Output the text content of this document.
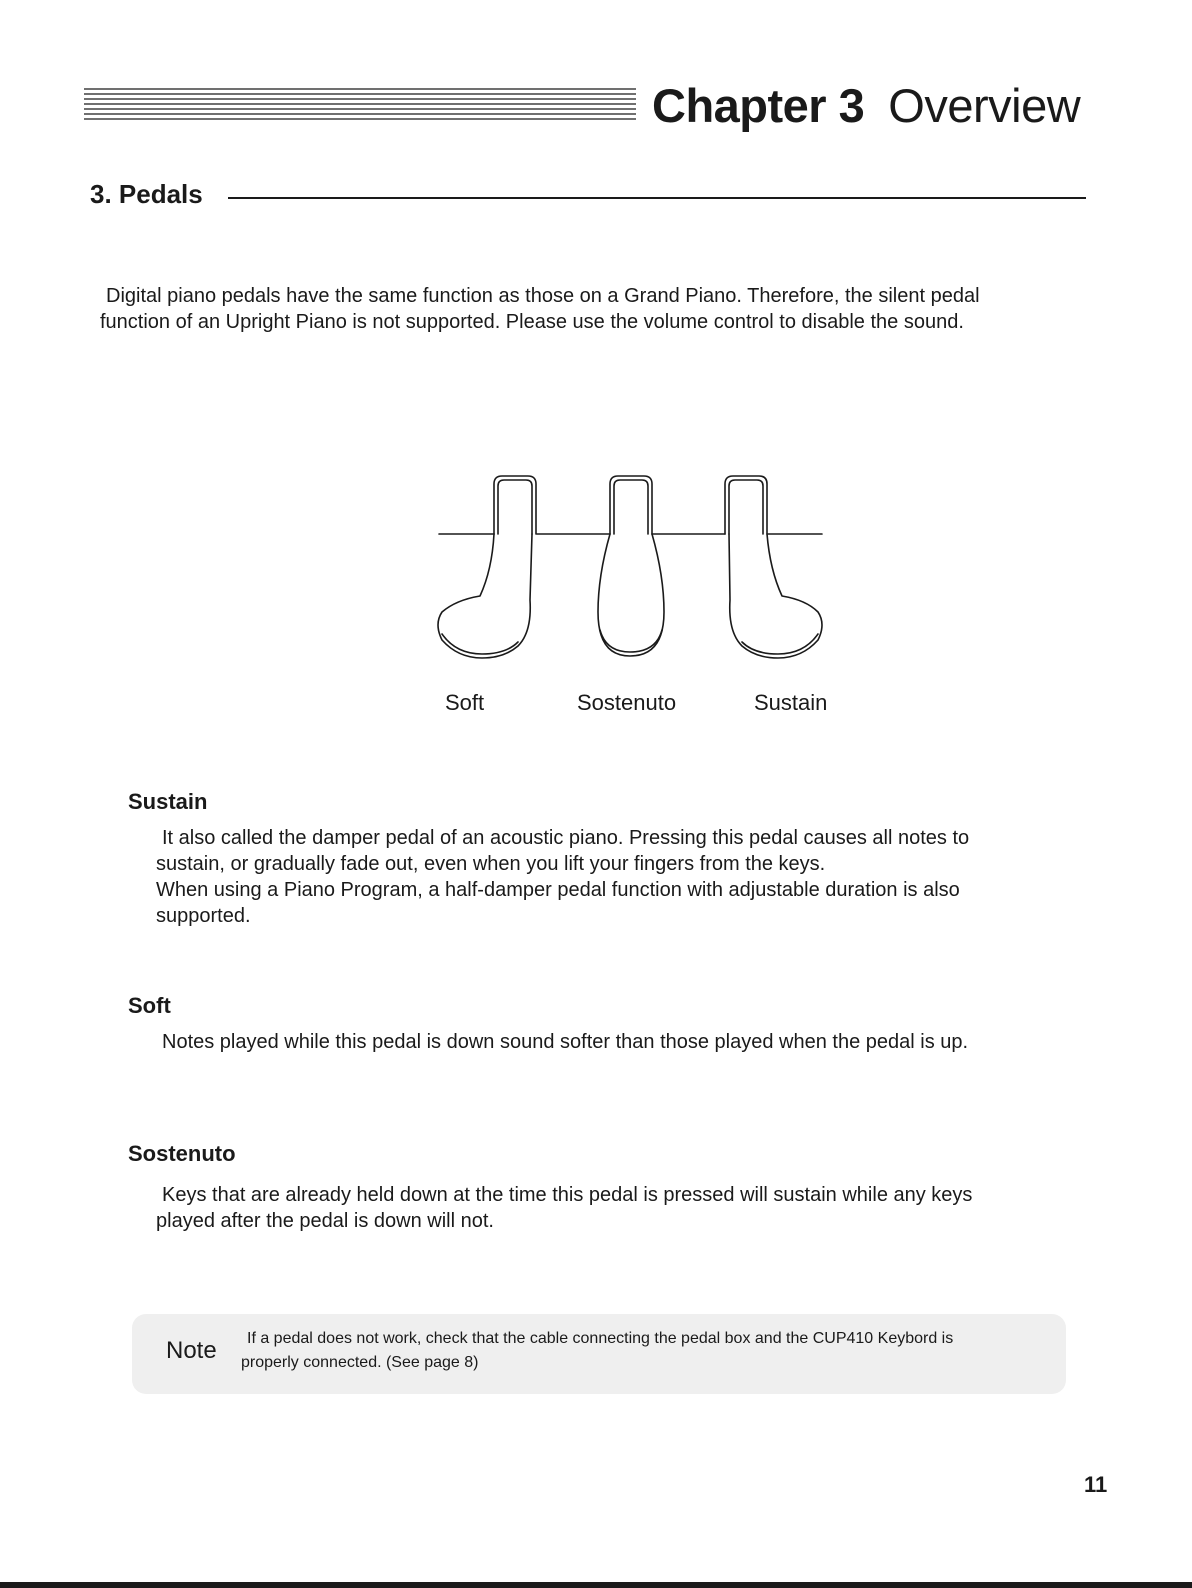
Chapter 3 Overview
3. Pedals

Digital piano pedals have the same function as those on a Grand Piano. Therefore, the silent pedal

function of an Upright Piano is not supported. Please use the volume control to disable the sound.

Soft	Sostenuto	Sustain
Sustain

It also called the damper pedal of an acoustic piano. Pressing this pedal causes all notes to

sustain, or gradually fade out, even when you lift your fingers from the keys.

When using a Piano Program, a half-damper pedal function with adjustable duration is also

supported.

Soft

Notes played while this pedal is down sound softer than those played when the pedal is up.

Sostenuto

Keys that are already held down at the time this pedal is pressed will sustain while any keys

played after the pedal is down will not.

Note	If a pedal does not work, check that the cable connecting the pedal box and the CUP410 Keybord is
properly connected. (See page 8)

11
